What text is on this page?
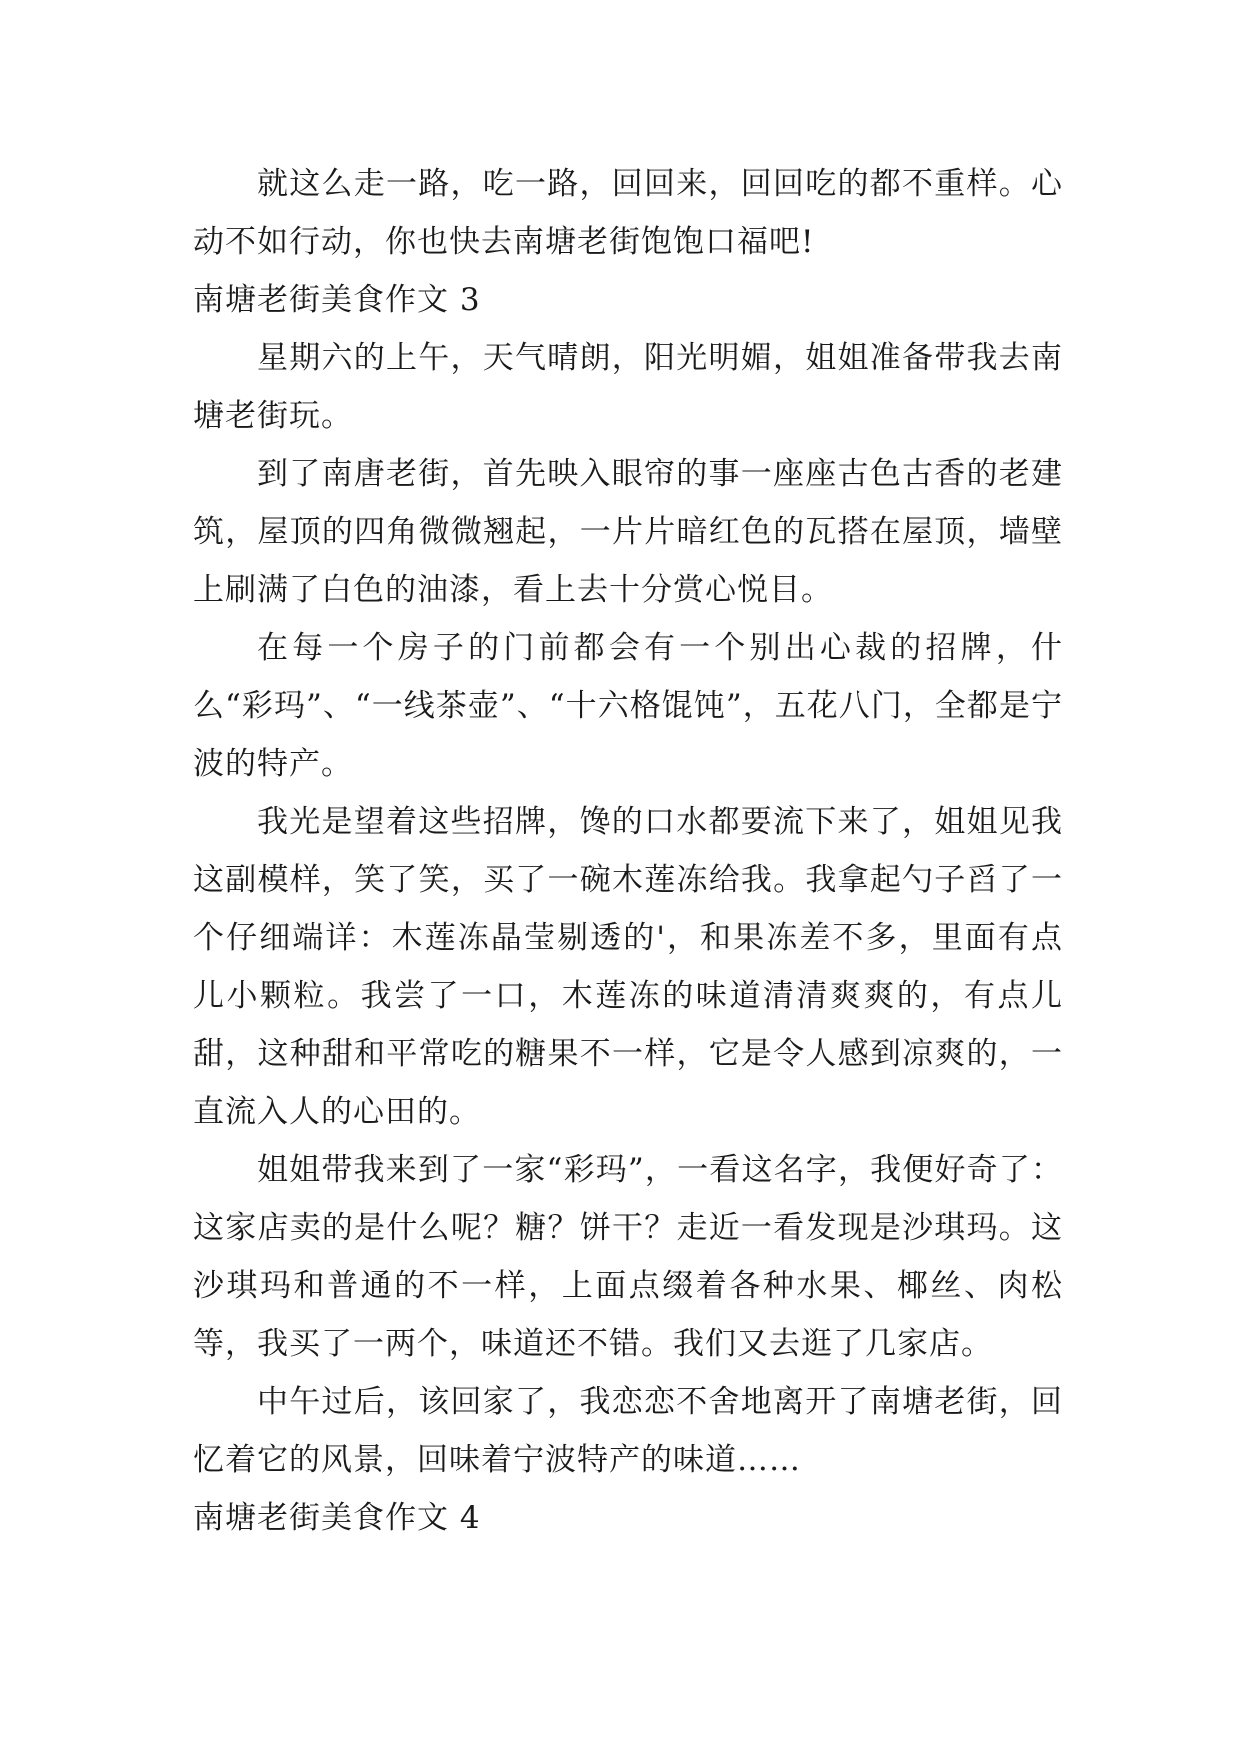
就这么走一路，吃一路，回回来，回回吃的都不重样。心动不如行动，你也快去南塘老街饱饱口福吧!

南塘老街美食作文 3

星期六的上午，天气晴朗，阳光明媚，姐姐准备带我去南塘老街玩。

到了南唐老街，首先映入眼帘的事一座座古色古香的老建筑，屋顶的四角微微翘起，一片片暗红色的瓦搭在屋顶，墙壁上刷满了白色的油漆，看上去十分赏心悦目。

在每一个房子的门前都会有一个别出心裁的招牌，什么“彩玛”、“一线茶壶”、“十六格馄饨”，五花八门，全都是宁波的特产。

我光是望着这些招牌，馋的口水都要流下来了，姐姐见我这副模样，笑了笑，买了一碗木莲冻给我。我拿起勺子舀了一个仔细端详：木莲冻晶莹剔透的'，和果冻差不多，里面有点儿小颗粒。我尝了一口，木莲冻的味道清清爽爽的，有点儿甜，这种甜和平常吃的糖果不一样，它是令人感到凉爽的，一直流入人的心田的。

姐姐带我来到了一家“彩玛”，一看这名字，我便好奇了：这家店卖的是什么呢？糖？饼干？走近一看发现是沙琪玛。这沙琪玛和普通的不一样，上面点缀着各种水果、椰丝、肉松等，我买了一两个，味道还不错。我们又去逛了几家店。

中午过后，该回家了，我恋恋不舍地离开了南塘老街，回忆着它的风景，回味着宁波特产的味道……

南塘老街美食作文 4
